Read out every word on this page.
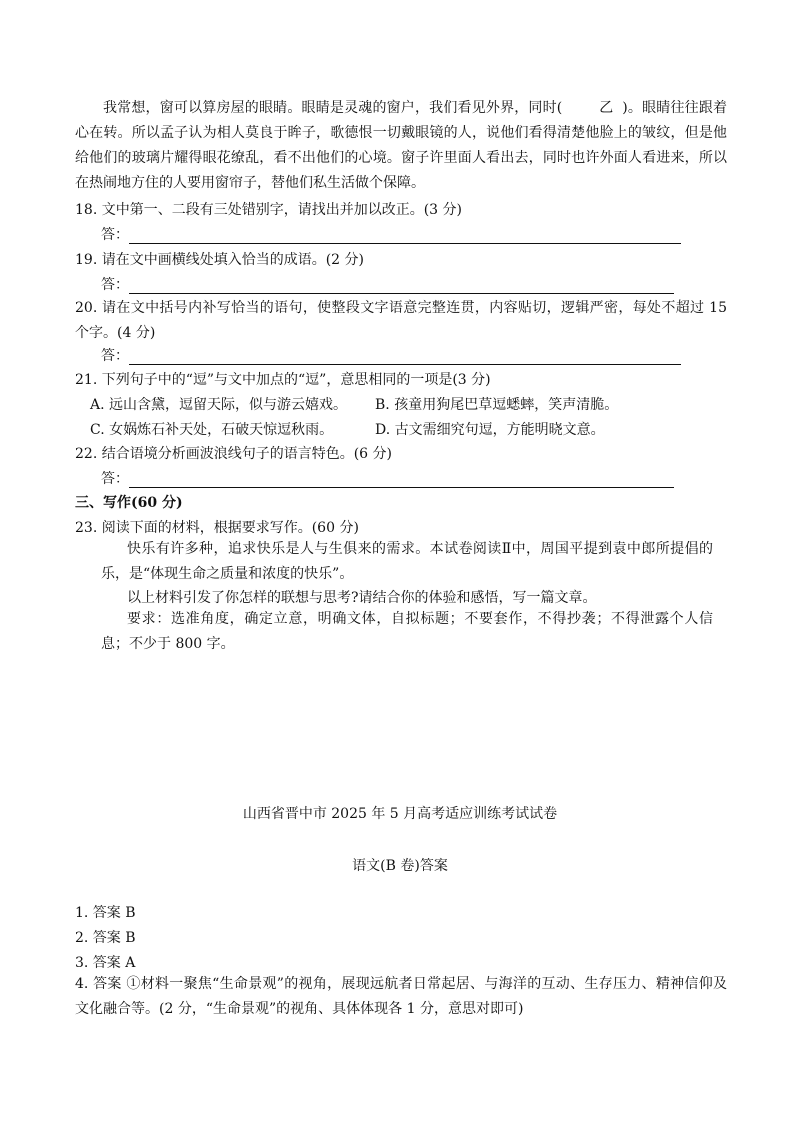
我常想，窗可以算房屋的眼睛。眼睛是灵魂的窗户，我们看见外界，同时(	乙 )。眼睛往往跟着心在转。所以孟子认为相人莫良于眸子，歌德恨一切戴眼镜的人，说他们看得清楚他脸上的皱纹，但是他给他们的玻璃片耀得眼花缭乱，看不出他们的心境。窗子许里面人看出去，同时也许外面人看进来，所以在热闹地方住的人要用窗帘子，替他们私生活做个保障。
18. 文中第一、二段有三处错别字，请找出并加以改正。(3 分)
答：
19. 请在文中画横线处填入恰当的成语。(2 分)
答：
20. 请在文中括号内补写恰当的语句，使整段文字语意完整连贯，内容贴切，逻辑严密，每处不超过 15 个字。(4 分)
答：
21. 下列句子中的“逗”与文中加点的“逗”，意思相同的一项是(3 分)
A. 远山含黛，逗留天际，似与游云嬉戏。 B. 孩童用狗尾巴草逗蟋蟀，笑声清脆。
C. 女娲炼石补天处，石破天惊逗秋雨。	D. 古文需细究句逗，方能明晓文意。
22. 结合语境分析画波浪线句子的语言特色。(6 分)
答：
三、写作(60 分)
23. 阅读下面的材料，根据要求写作。(60 分)
快乐有许多种，追求快乐是人与生俱来的需求。本试卷阅读Ⅱ中，周国平提到袁中郎所提倡的乐，是“体现生命之质量和浓度的快乐”。
以上材料引发了你怎样的联想与思考?请结合你的体验和感悟，写一篇文章。
要求：选准角度，确定立意，明确文体，自拟标题；不要套作，不得抄袭；不得泄露个人信息；不少于 800 字。
山西省晋中市 2025 年 5 月高考适应训练考试试卷
语文(B 卷)答案
1. 答案 B
2. 答案 B
3. 答案 A
4. 答案 ①材料一聚焦“生命景观”的视角，展现远航者日常起居、与海洋的互动、生存压力、精神信仰及文化融合等。(2 分，“生命景观”的视角、具体体现各 1 分，意思对即可)
